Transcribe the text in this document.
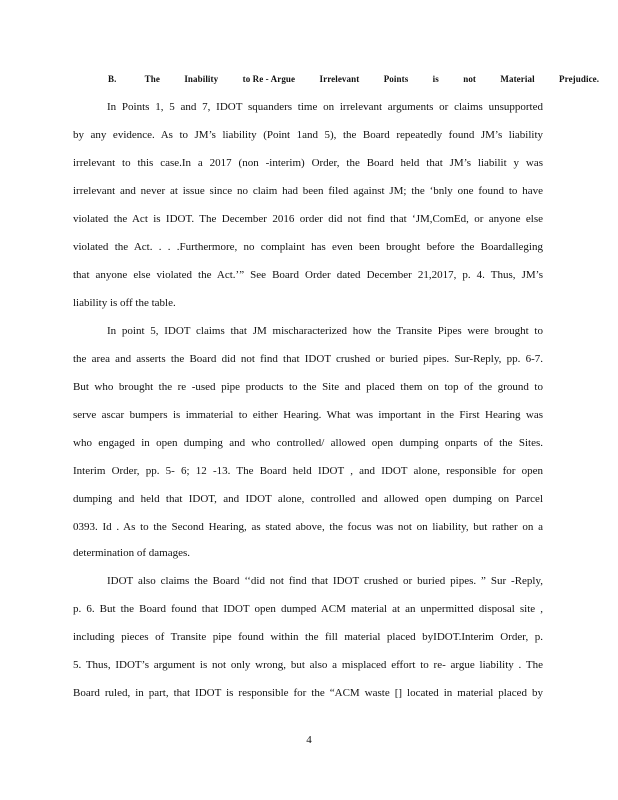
B.	The	Inability	to Re - Argue	Irrelevant	Points	is	not	Material	Prejudice.
In Points 1, 5 and 7, IDOT squanders time on irrelevant arguments or claims unsupported
by any evidence. As to JM’s liability (Point 1and 5), the Board repeatedly found JM’s liability
irrelevant to this case.In a 2017 (non -interim) Order, the Board held that JM’s liabilit y was
irrelevant and never at issue since no claim had been filed against JM; the ‘bnly one found to have
violated the Act is IDOT. The December 2016 order did not find that ‘JM,ComEd, or anyone else
violated the Act. . . .Furthermore, no complaint has even been brought before the Boardalleging
that anyone else violated the Act.’” See Board Order dated December 21,2017, p. 4. Thus, JM’s
liability is off the table.
In point 5, IDOT claims that JM mischaracterized how the Transite Pipes were brought to
the area and asserts the Board did not find that IDOT crushed or buried pipes. Sur-Reply, pp. 6-7.
But who brought the re -used pipe products to the Site and placed them on top of the ground to
serve ascar bumpers is immaterial to either Hearing. What was important in the First Hearing was
who engaged in open dumping and who controlled/ allowed open dumping onparts of the Sites.
Interim Order, pp. 5- 6; 12 -13. The Board held IDOT , and IDOT alone, responsible for open
dumping and held that IDOT, and IDOT alone, controlled and allowed open dumping on Parcel
0393. Id . As to the Second Hearing, as stated above, the focus was not on liability, but rather on a
determination of damages.
IDOT also claims the Board ‘‘did not find that IDOT crushed or buried pipes. ” Sur -Reply,
p. 6. But the Board found that IDOT open dumped ACM material at an unpermitted disposal site ,
including pieces of Transite pipe found within the fill material placed byIDOT.Interim Order, p.
5. Thus, IDOT’s argument is not only wrong, but also a misplaced effort to re- argue liability . The
Board ruled, in part, that IDOT is responsible for the “ACM waste [] located in material placed by
4
